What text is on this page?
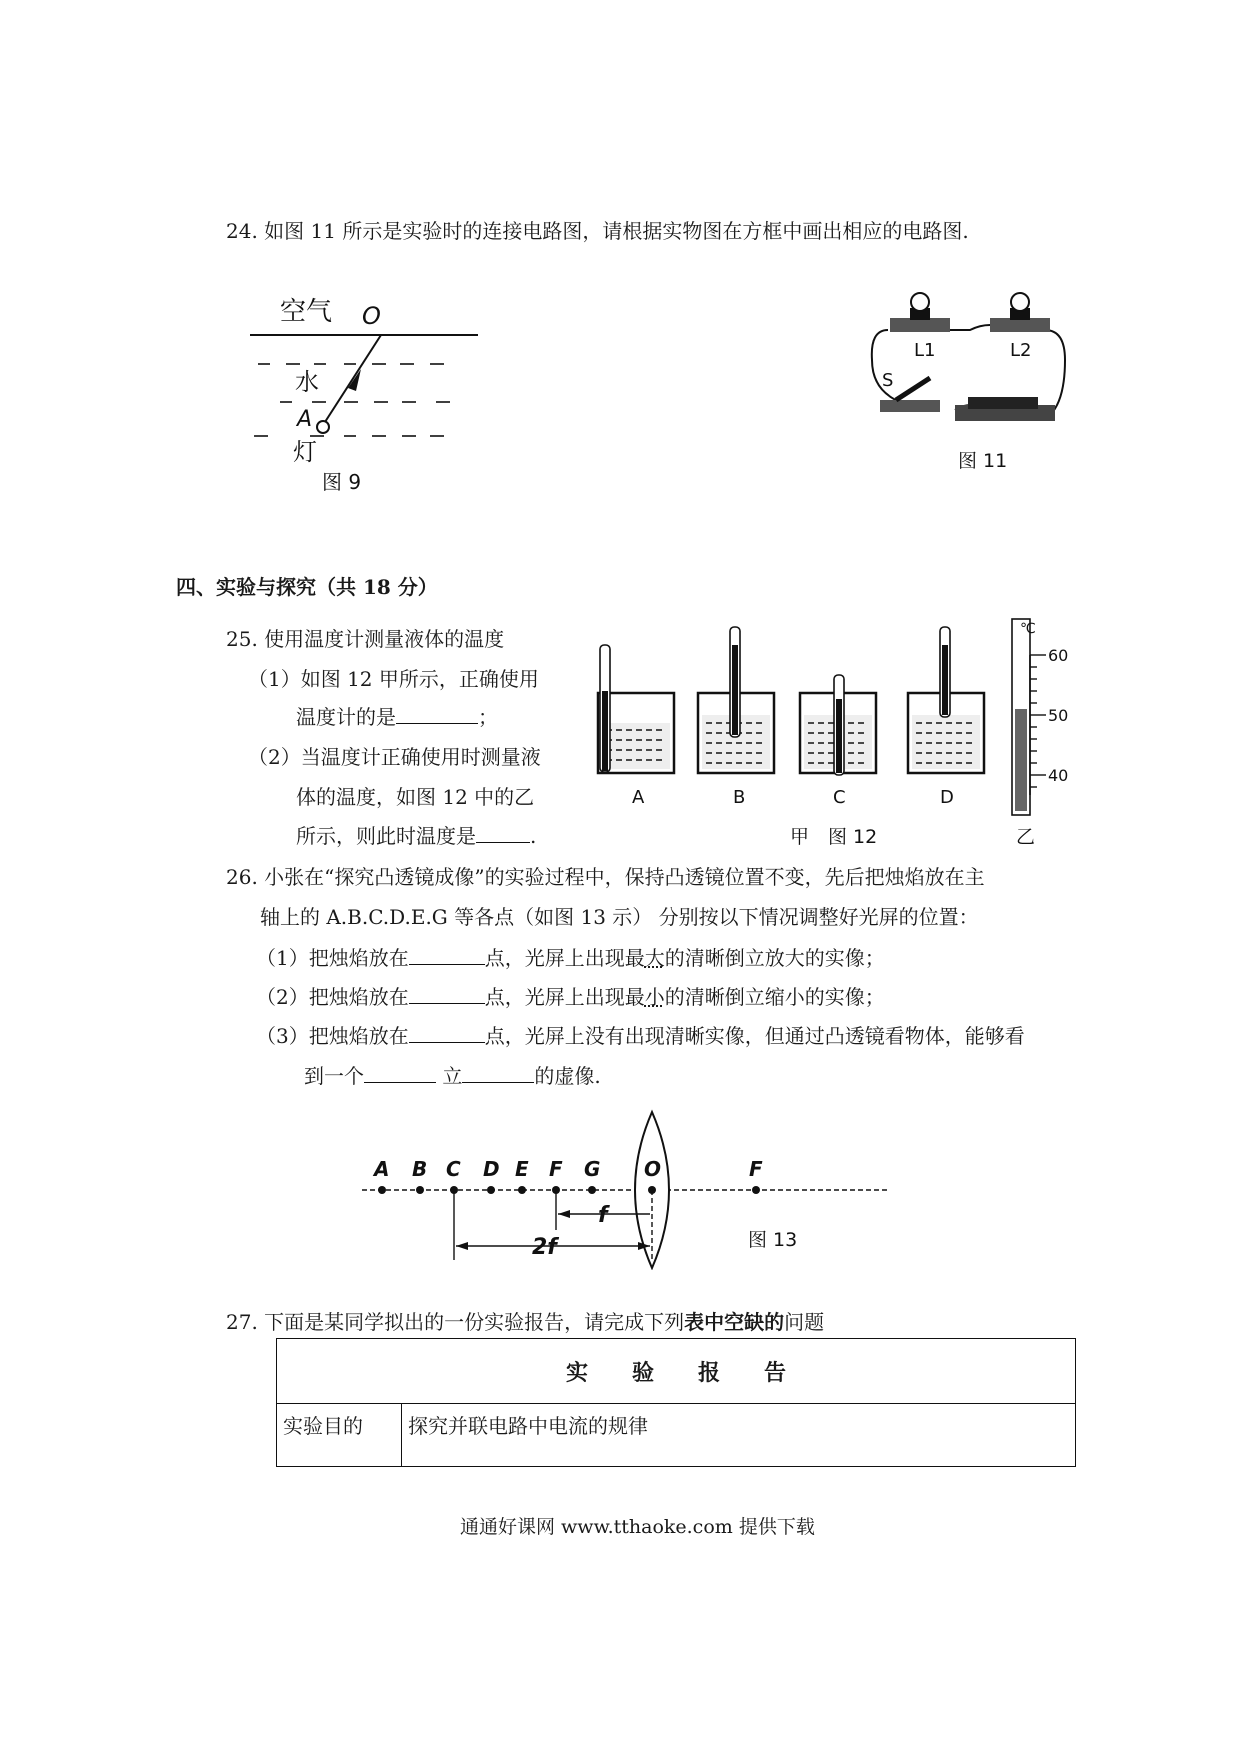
24. 如图 11 所示是实验时的连接电路图，请根据实物图在方框中画出相应的电路图.
空气 O
水
A
灯
图 9
L1	L2
S
图 11
四、实验与探究（共 18 分）
25. 使用温度计测量液体的温度
（1）如图 12 甲所示，正确使用
温度计的是	；
（2）当温度计正确使用时测量液
体的温度，如图 12 中的乙
所示，则此时温度是	.
A	B	C	D
℃
60
50
40
甲 图 12	乙
26. 小张在“探究凸透镜成像”的实验过程中，保持凸透镜位置不变，先后把烛焰放在主
轴上的 A.B.C.D.E.G 等各点（如图 13 示） 分别按以下情况调整好光屏的位置：
（1）把烛焰放在	点，光屏上出现最大的清晰倒立放大的实像；
（2）把烛焰放在	点，光屏上出现最小的清晰倒立缩小的实像；
（3）把烛焰放在	点，光屏上没有出现清晰实像，但通过凸透镜看物体，能够看
到一个	立	的虚像.
A B C D E F G O	F
f
2f	图 13
27. 下面是某同学拟出的一份实验报告，请完成下列表中空缺的问题
实　　验　　报　　告
实验目的	探究并联电路中电流的规律
通通好课网 www.tthaoke.com 提供下载
